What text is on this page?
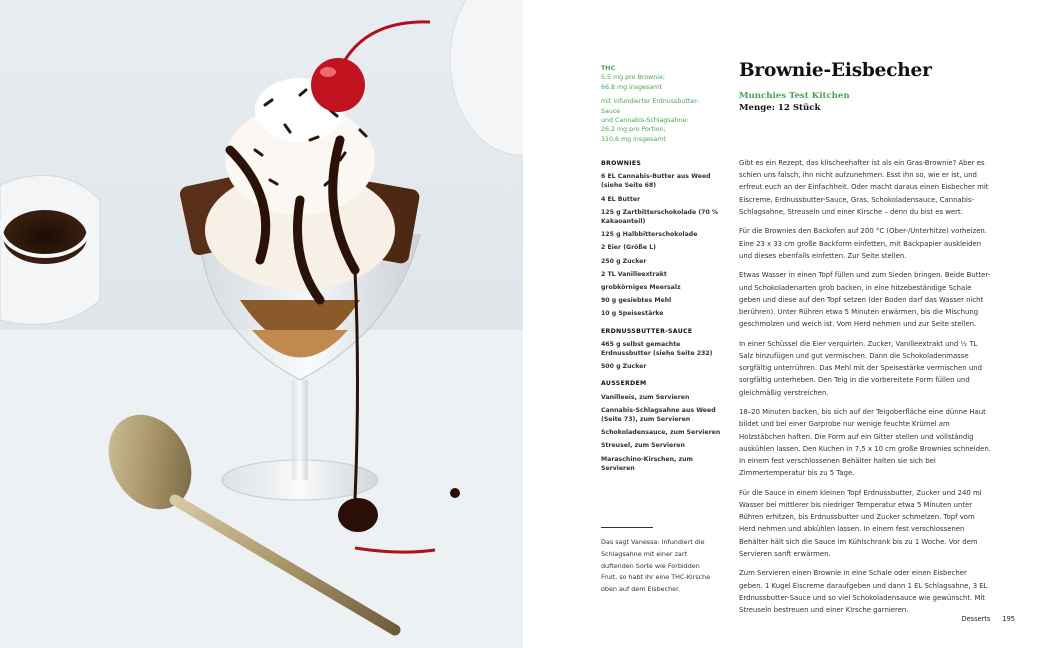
THC
5,5 mg pro Brownie;
66,8 mg insgesamt
mit infundierter Erdnussbutter-Sauce
und Cannabis-Schlagsahne:
26,2 mg pro Portion;
310,6 mg insgesamt
Brownie-Eisbecher
Munchies Test Kitchen
Menge: 12 Stück
BROWNIES
6 EL Cannabis-Butter aus Weed (siehe Seite 68)
4 EL Butter
125 g Zartbitterschokolade (70 % Kakaoanteil)
125 g Halbbitterschokolade
2 Eier (Größe L)
250 g Zucker
2 TL Vanilleextrakt
grobkörniges Meersalz
90 g gesiebtes Mehl
10 g Speisestärke
ERDNUSSBUTTER-SAUCE
465 g selbst gemachte Erdnussbutter (siehe Seite 232)
500 g Zucker
AUSSERDEM
Vanilleeis, zum Servieren
Cannabis-Schlagsahne aus Weed (Seite 73), zum Servieren
Schokoladensauce, zum Servieren
Streusel, zum Servieren
Maraschino-Kirschen, zum Servieren
Das sagt Vanessa: Infundiert die Schlagsahne mit einer zart duftenden Sorte wie Forbidden Fruit, so habt ihr eine THC-Kirsche oben auf dem Eisbecher.

Gibt es ein Rezept, das klischeehafter ist als ein Gras-Brownie? Aber es schien uns falsch, ihn nicht aufzunehmen. Esst ihn so, wie er ist, und erfreut euch an der Einfachheit. Oder macht daraus einen Eisbecher mit Eiscreme, Erdnussbutter-Sauce, Gras, Schokoladensauce, Cannabis-Schlagsahne, Streuseln und einer Kirsche – denn du bist es wert.

Für die Brownies den Backofen auf 200 °C (Ober-/Unterhitze) vorheizen. Eine 23 x 33 cm große Backform einfetten, mit Backpapier auskleiden und dieses ebenfalls einfetten. Zur Seite stellen.

Etwas Wasser in einen Topf füllen und zum Sieden bringen. Beide Butter- und Schokoladenarten grob backen, in eine hitzebeständige Schale geben und diese auf den Topf setzen (der Boden darf das Wasser nicht berühren). Unter Rühren etwa 5 Minuten erwärmen, bis die Mischung geschmolzen und weich ist. Vom Herd nehmen und zur Seite stellen.

In einer Schüssel die Eier verquirlen. Zucker, Vanilleextrakt und ½ TL Salz hinzufügen und gut vermischen. Dann die Schokoladenmasse sorgfältig unterrühren. Das Mehl mit der Speisestärke vermischen und sorgfältig unterheben. Den Teig in die vorbereitete Form füllen und gleichmäßig verstreichen.

18–20 Minuten backen, bis sich auf der Teigoberfläche eine dünne Haut bildet und bei einer Garprobe nur wenige feuchte Krümel am Holzstäbchen haften. Die Form auf ein Gitter stellen und vollständig auskühlen lassen. Den Kuchen in 7,5 x 10 cm große Brownies schneiden. In einem fest verschlossenen Behälter halten sie sich bei Zimmertemperatur bis zu 5 Tage.

Für die Sauce in einem kleinen Topf Erdnussbutter, Zucker und 240 ml Wasser bei mittlerer bis niedriger Temperatur etwa 5 Minuten unter Rühren erhitzen, bis Erdnussbutter und Zucker schmelzen. Topf vom Herd nehmen und abkühlen lassen. In einem fest verschlossenen Behälter hält sich die Sauce im Kühlschrank bis zu 1 Woche. Vor dem Servieren sanft erwärmen.

Zum Servieren einen Brownie in eine Schale oder einen Eisbecher geben. 1 Kugel Eiscreme daraufgeben und dann 1 EL Schlagsahne, 3 EL Erdnussbutter-Sauce und so viel Schokoladensauce wie gewünscht. Mit Streuseln bestreuen und einer Kirsche garnieren.

Desserts 195
